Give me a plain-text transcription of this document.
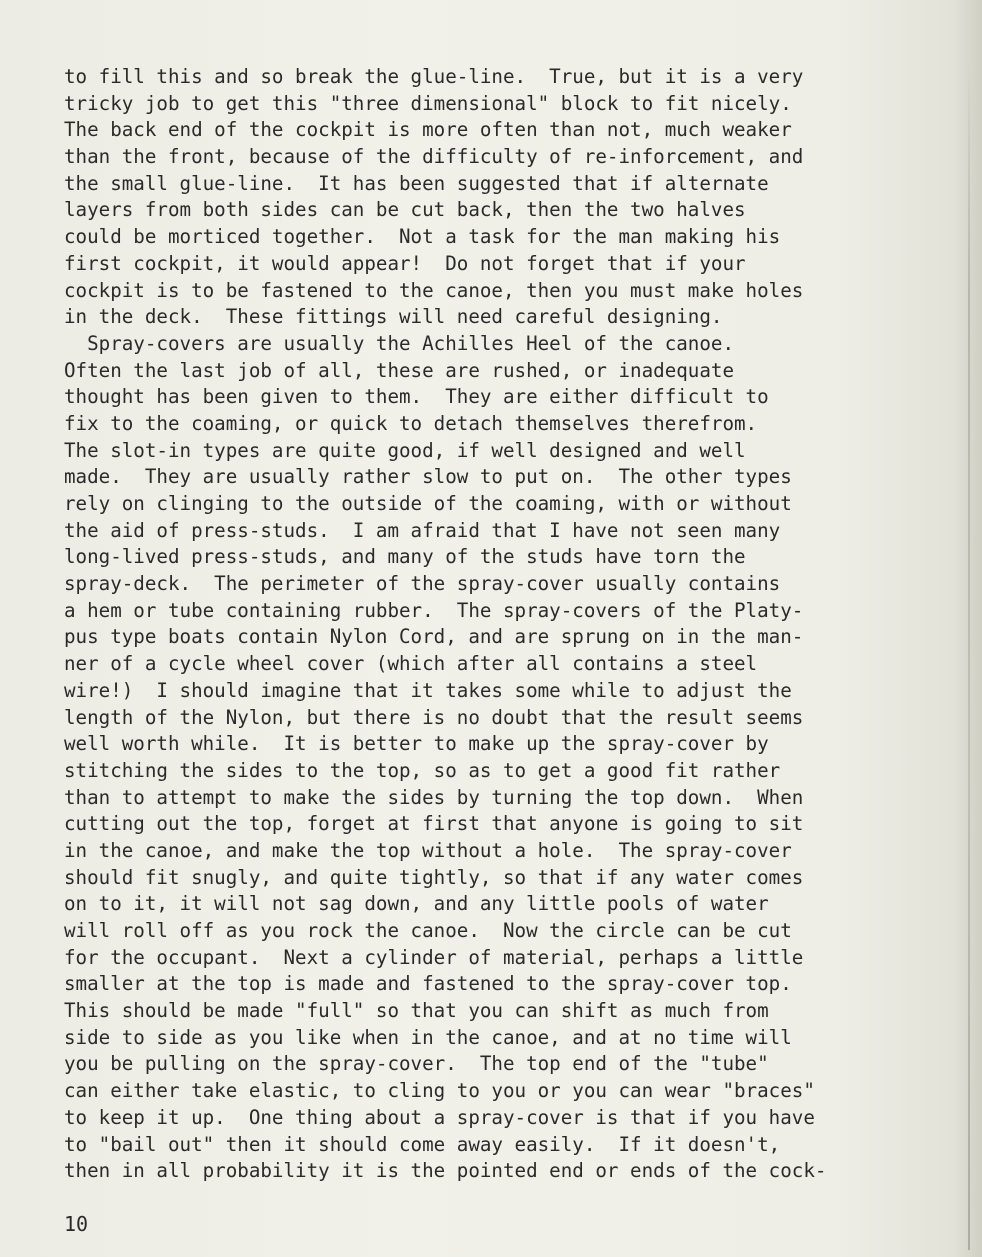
to fill this and so break the glue-line.  True, but it is a very
tricky job to get this "three dimensional" block to fit nicely.
The back end of the cockpit is more often than not, much weaker
than the front, because of the difficulty of re-inforcement, and
the small glue-line.  It has been suggested that if alternate
layers from both sides can be cut back, then the two halves
could be morticed together.  Not a task for the man making his
first cockpit, it would appear!  Do not forget that if your
cockpit is to be fastened to the canoe, then you must make holes
in the deck.  These fittings will need careful designing.
Spray-covers are usually the Achilles Heel of the canoe.
Often the last job of all, these are rushed, or inadequate
thought has been given to them.  They are either difficult to
fix to the coaming, or quick to detach themselves therefrom.
The slot-in types are quite good, if well designed and well
made.  They are usually rather slow to put on.  The other types
rely on clinging to the outside of the coaming, with or without
the aid of press-studs.  I am afraid that I have not seen many
long-lived press-studs, and many of the studs have torn the
spray-deck.  The perimeter of the spray-cover usually contains
a hem or tube containing rubber.  The spray-covers of the Platy-
pus type boats contain Nylon Cord, and are sprung on in the man-
ner of a cycle wheel cover (which after all contains a steel
wire!)  I should imagine that it takes some while to adjust the
length of the Nylon, but there is no doubt that the result seems
well worth while.  It is better to make up the spray-cover by
stitching the sides to the top, so as to get a good fit rather
than to attempt to make the sides by turning the top down.  When
cutting out the top, forget at first that anyone is going to sit
in the canoe, and make the top without a hole.  The spray-cover
should fit snugly, and quite tightly, so that if any water comes
on to it, it will not sag down, and any little pools of water
will roll off as you rock the canoe.  Now the circle can be cut
for the occupant.  Next a cylinder of material, perhaps a little
smaller at the top is made and fastened to the spray-cover top.
This should be made "full" so that you can shift as much from
side to side as you like when in the canoe, and at no time will
you be pulling on the spray-cover.  The top end of the "tube"
can either take elastic, to cling to you or you can wear "braces"
to keep it up.  One thing about a spray-cover is that if you have
to "bail out" then it should come away easily.  If it doesn't,
then in all probability it is the pointed end or ends of the cock-
10
